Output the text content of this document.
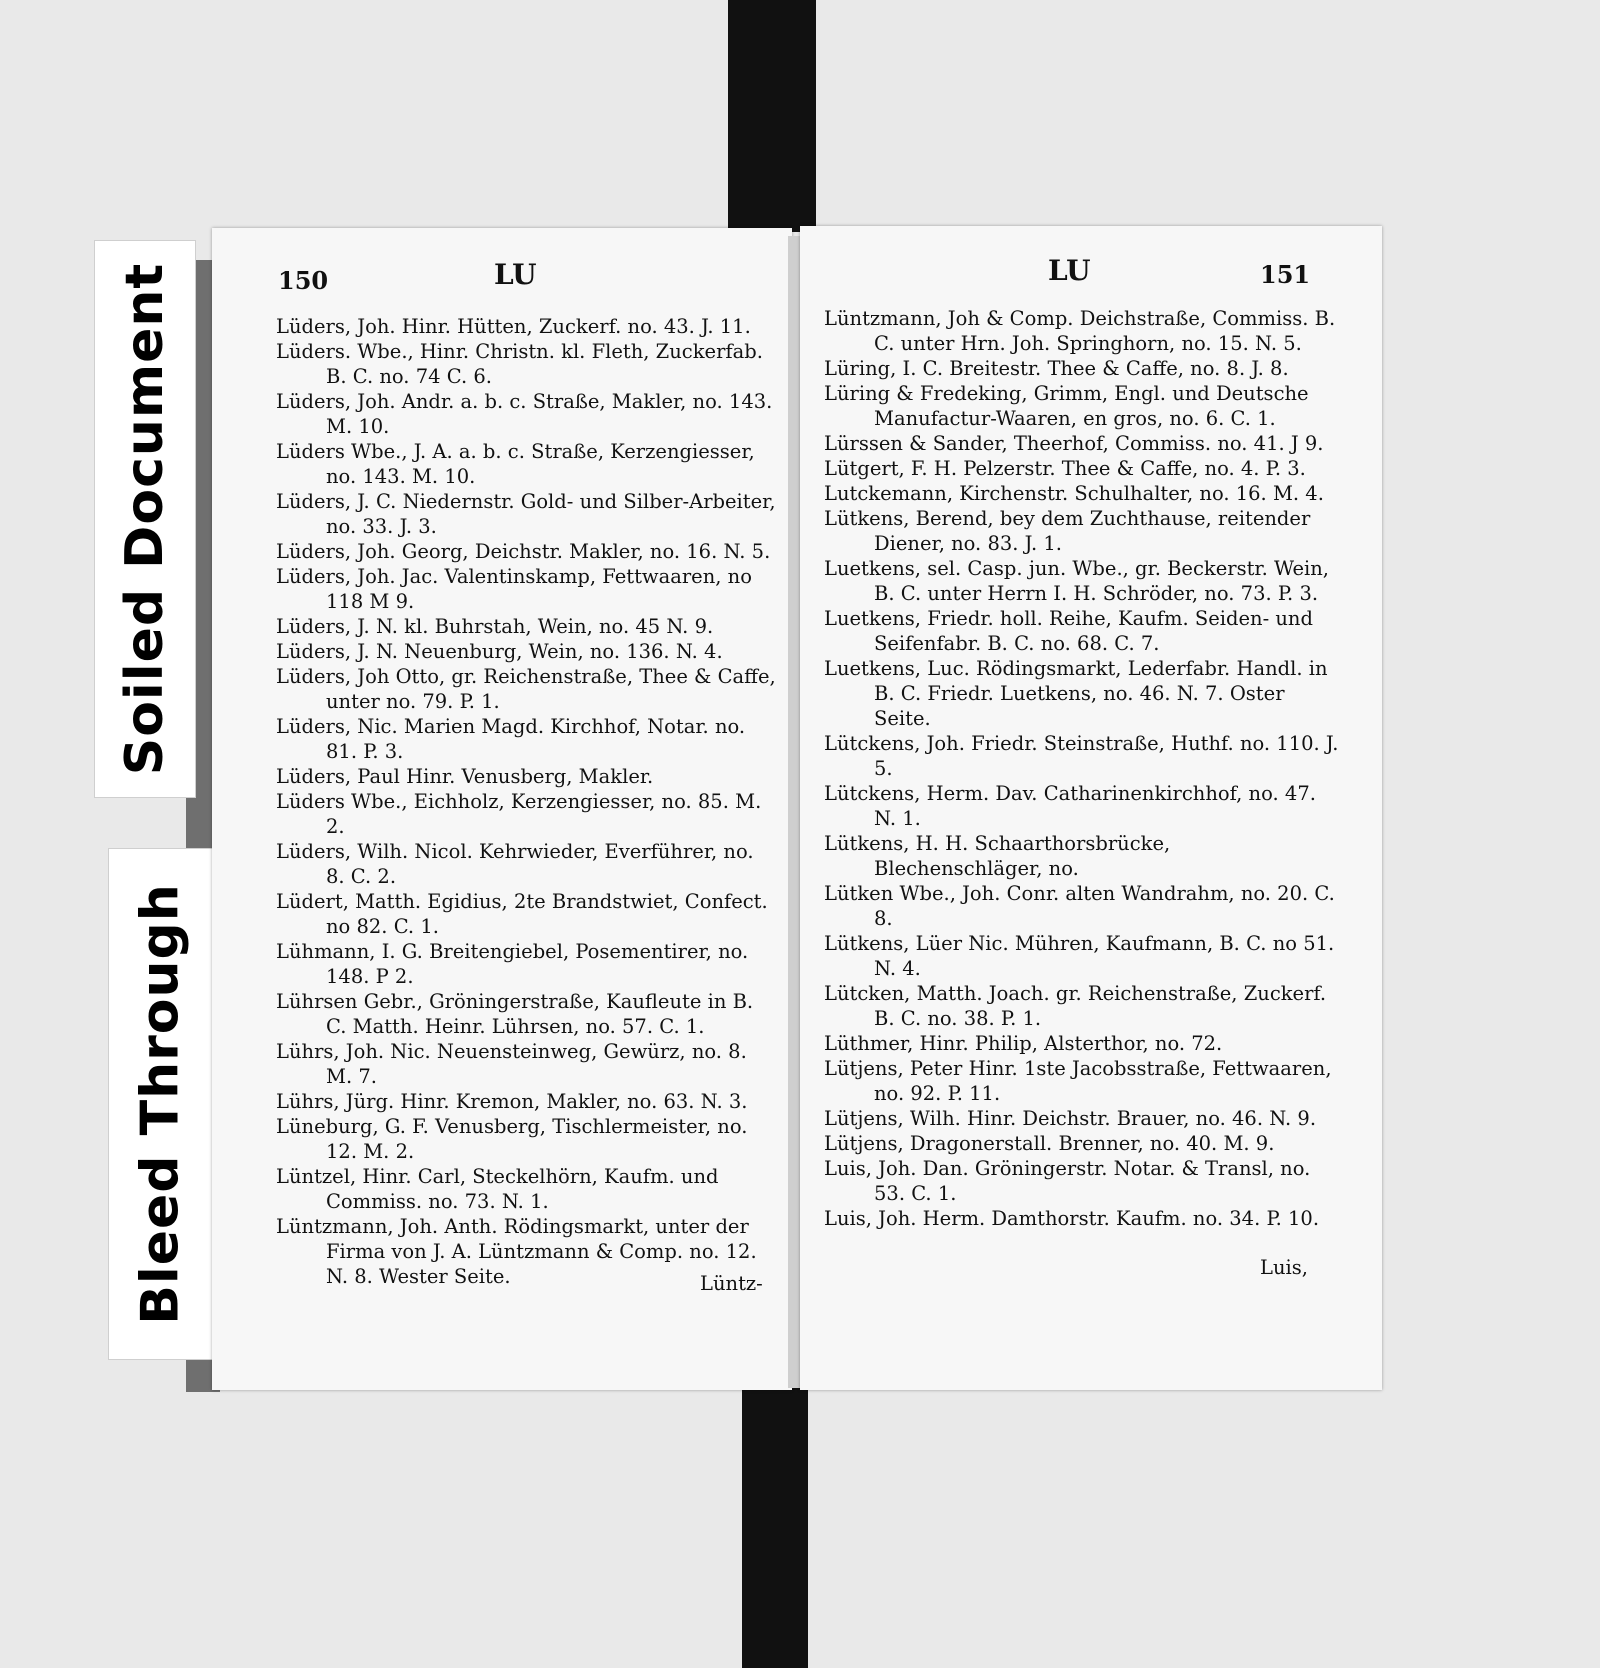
Soiled Document
Bleed Through
150	LU
Lüders, Joh. Hinr. Hütten, Zuckerf. no. 43. J. 11.
Lüders. Wbe., Hinr. Christn. kl. Fleth, Zuckerfab. B. C. no. 74 C. 6.
Lüders, Joh. Andr. a. b. c. Straße, Makler, no. 143. M. 10.
Lüders Wbe., J. A. a. b. c. Straße, Kerzengiesser, no. 143. M. 10.
Lüders, J. C. Niedernstr. Gold- und Silber-Arbeiter, no. 33. J. 3.
Lüders, Joh. Georg, Deichstr. Makler, no. 16. N. 5.
Lüders, Joh. Jac. Valentinskamp, Fettwaaren, no 118 M 9.
Lüders, J. N. kl. Buhrstah, Wein, no. 45 N. 9.
Lüders, J. N. Neuenburg, Wein, no. 136. N. 4.
Lüders, Joh Otto, gr. Reichenstraße, Thee & Caffe, unter no. 79. P. 1.
Lüders, Nic. Marien Magd. Kirchhof, Notar. no. 81. P. 3.
Lüders, Paul Hinr. Venusberg, Makler.
Lüders Wbe., Eichholz, Kerzengiesser, no. 85. M. 2.
Lüders, Wilh. Nicol. Kehrwieder, Everführer, no. 8. C. 2.
Lüdert, Matth. Egidius, 2te Brandstwiet, Confect. no 82. C. 1.
Lühmann, I. G. Breitengiebel, Posementirer, no. 148. P 2.
Lührsen Gebr., Gröningerstraße, Kaufleute in B. C. Matth. Heinr. Lührsen, no. 57. C. 1.
Lührs, Joh. Nic. Neuensteinweg, Gewürz, no. 8. M. 7.
Lührs, Jürg. Hinr. Kremon, Makler, no. 63. N. 3.
Lüneburg, G. F. Venusberg, Tischlermeister, no. 12. M. 2.
Lüntzel, Hinr. Carl, Steckelhörn, Kaufm. und Commiss. no. 73. N. 1.
Lüntzmann, Joh. Anth. Rödingsmarkt, unter der Firma von J. A. Lüntzmann & Comp. no. 12. N. 8. Wester Seite.	Lüntz-
LU	151
Lüntzmann, Joh & Comp. Deichstraße, Commiss. B. C. unter Hrn. Joh. Springhorn, no. 15. N. 5.
Lüring, I. C. Breitestr. Thee & Caffe, no. 8. J. 8.
Lüring & Fredeking, Grimm, Engl. und Deutsche Manufactur-Waaren, en gros, no. 6. C. 1.
Lürssen & Sander, Theerhof, Commiss. no. 41. J 9.
Lütgert, F. H. Pelzerstr. Thee & Caffe, no. 4. P. 3.
Lutckemann, Kirchenstr. Schulhalter, no. 16. M. 4.
Lütkens, Berend, bey dem Zuchthause, reitender Diener, no. 83. J. 1.
Luetkens, sel. Casp. jun. Wbe., gr. Beckerstr. Wein, B. C. unter Herrn I. H. Schröder, no. 73. P. 3.
Luetkens, Friedr. holl. Reihe, Kaufm. Seiden- und Seifenfabr. B. C. no. 68. C. 7.
Luetkens, Luc. Rödingsmarkt, Lederfabr. Handl. in B. C. Friedr. Luetkens, no. 46. N. 7. Oster Seite.
Lütckens, Joh. Friedr. Steinstraße, Huthf. no. 110. J. 5.
Lütckens, Herm. Dav. Catharinenkirchhof, no. 47. N. 1.
Lütkens, H. H. Schaarthorsbrücke, Blechenschläger, no.
Lütken Wbe., Joh. Conr. alten Wandrahm, no. 20. C. 8.
Lütkens, Lüer Nic. Mühren, Kaufmann, B. C. no 51. N. 4.
Lütcken, Matth. Joach. gr. Reichenstraße, Zuckerf. B. C. no. 38. P. 1.
Lüthmer, Hinr. Philip, Alsterthor, no. 72.
Lütjens, Peter Hinr. 1ste Jacobsstraße, Fettwaaren, no. 92. P. 11.
Lütjens, Wilh. Hinr. Deichstr. Brauer, no. 46. N. 9.
Lütjens, Dragonerstall. Brenner, no. 40. M. 9.
Luis, Joh. Dan. Gröningerstr. Notar. & Transl, no. 53. C. 1.
Luis, Joh. Herm. Damthorstr. Kaufm. no. 34. P. 10.
Luis,
